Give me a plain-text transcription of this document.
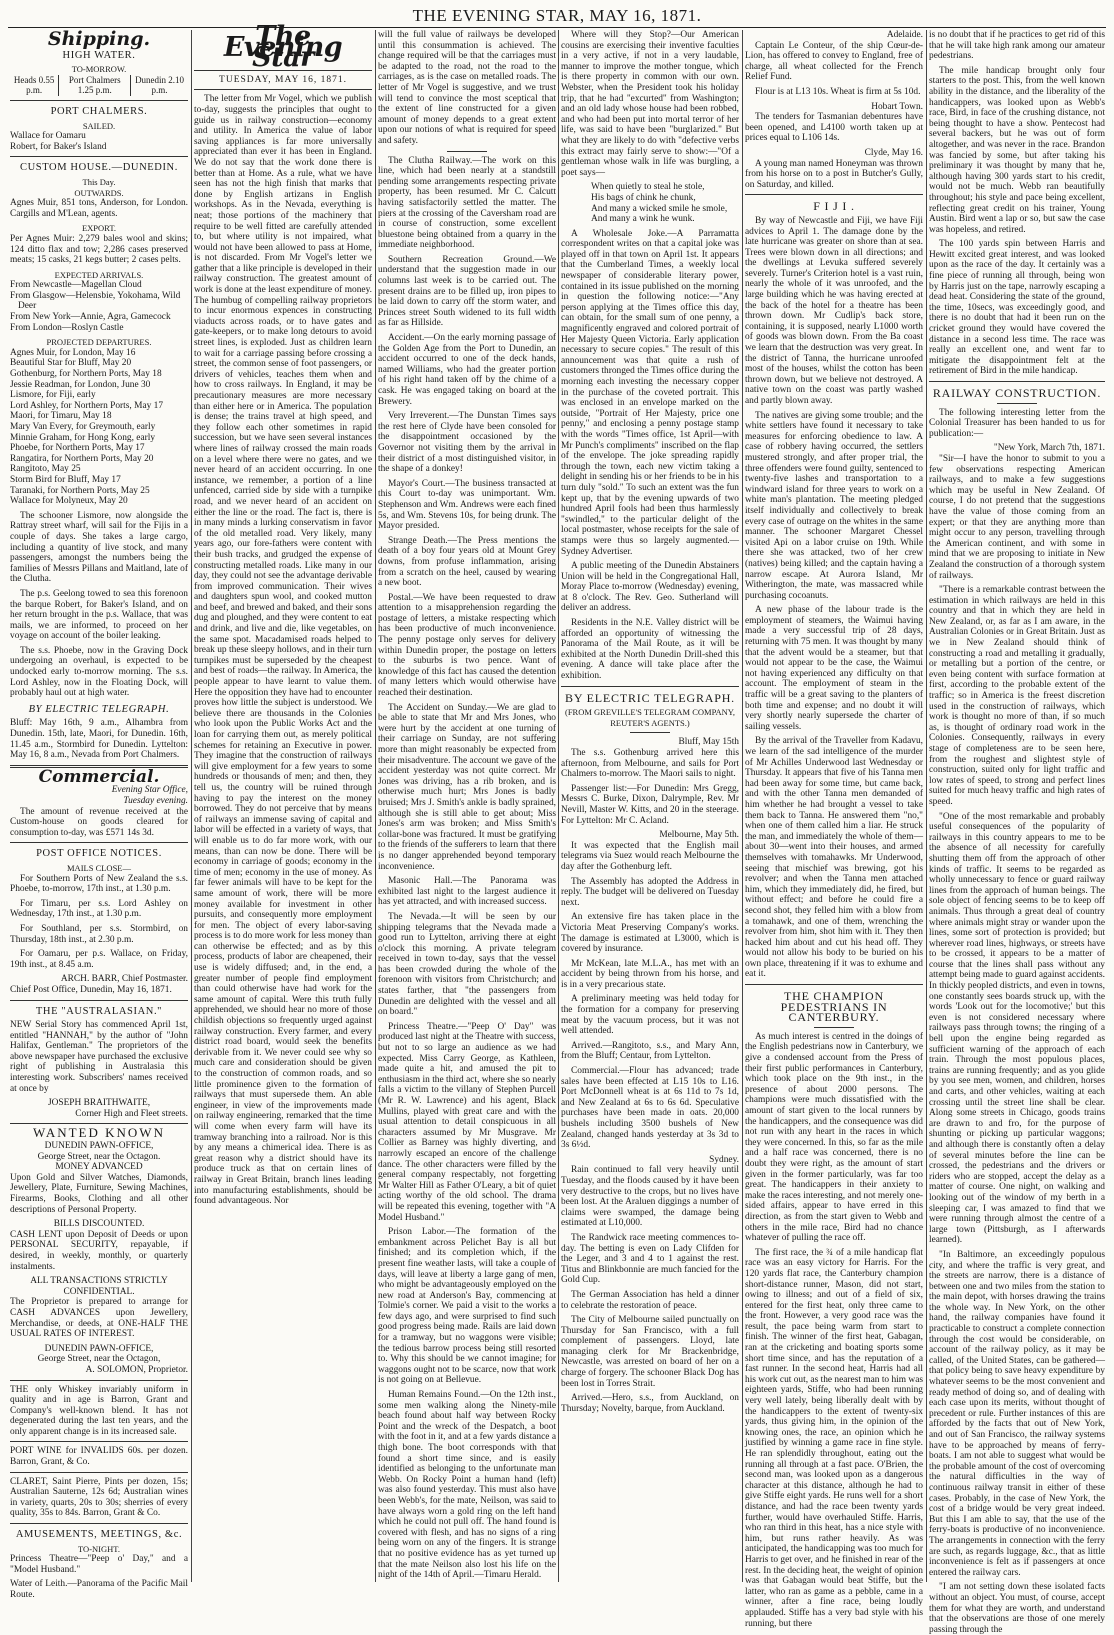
THE EVENING STAR, MAY 16, 1871.
Shipping.
HIGH WATER.
TO-MORROW.
Heads 0.55 p.m.	Port Chalmers 1.25 p.m.	Dunedin 2.10 p.m.
PORT CHALMERS.
SAILED.

Wallace for Oamaru

Robert, for Baker's Island

CUSTOM HOUSE.—DUNEDIN.
This Day.
OUTWARDS.

Agnes Muir, 851 tons, Anderson, for London. Cargills and M'Lean, agents.

EXPORT.

Per Agnes Muir: 2,279 bales wool and skins; 124 ditto flax and tow; 2,286 cases preserved meats; 15 casks, 21 kegs butter; 2 cases pelts.

EXPECTED ARRIVALS.

From Newcastle—Magellan Cloud

From Glasgow—Helensbie, Yokohama, Wild Deer

From New York—Annie, Agra, Gamecock

From London—Roslyn Castle

PROJECTED DEPARTURES.

Agnes Muir, for London, May 16

Beautiful Star for Bluff, May 20

Gothenburg, for Northern Ports, May 18

Jessie Readman, for London, June 30

Lismore, for Fiji, early

Lord Ashley, for Northern Ports, May 17

Maori, for Timaru, May 18

Mary Van Every, for Greymouth, early

Minnie Graham, for Hong Kong, early

Phoebe, for Northern Ports, May 17

Rangatira, for Northern Ports, May 20

Rangitoto, May 25

Storm Bird for Bluff, May 17

Taranaki, for Northern Ports, May 25

Wallace for Molyneux, May 20

The schooner Lismore, now alongside the Rattray street wharf, will sail for the Fijis in a couple of days. She takes a large cargo, including a quantity of live stock, and many passengers, amongst the numbers being the families of Messrs Pillans and Maitland, late of the Clutha.

The p.s. Geelong towed to sea this forenoon the barque Robert, for Baker's Island, and on her return brought in the p.s. Wallace, that was mails, we are informed, to proceed on her voyage on account of the boiler leaking.

The s.s. Phoebe, now in the Graving Dock undergoing an overhaul, is expected to be undocked early to-morrow morning. The s.s. Lord Ashley, now in the Floating Dock, will probably haul out at high water.

BY ELECTRIC TELEGRAPH.

Bluff: May 16th, 9 a.m., Alhambra from Dunedin. 15th, late, Maori, for Dunedin. 16th, 11.45 a.m., Stormbird for Dunedin. Lyttelton: May 16, 8 a.m., Nevada from Port Chalmers.

Commercial.
Evening Star Office,
Tuesday evening.

The amount of revenue received at the Custom-house on goods cleared for consumption to-day, was £571 14s 3d.

POST OFFICE NOTICES.
MAILS CLOSE—

For Southern Ports of New Zealand the s.s. Phoebe, to-morrow, 17th inst., at 1.30 p.m.

For Timaru, per s.s. Lord Ashley on Wednesday, 17th inst., at 1.30 p.m.

For Southland, per s.s. Stormbird, on Thursday, 18th inst., at 2.30 p.m.

For Oamaru, per p.s. Wallace, on Friday, 19th inst., at 8.45 a.m.

ARCH. BARR, Chief Postmaster.
Chief Post Office, Dunedin, May 16, 1871.
THE "AUSTRALASIAN."

NEW Serial Story has commenced April 1st, entitled "HANNAH," by the author of "John Halifax, Gentleman." The proprietors of the above newspaper have purchased the exclusive right of publishing in Australasia this interesting work. Subscribers' names received at once by

JOSEPH BRAITHWAITE,
Corner High and Fleet streets.
WANTED KNOWN
DUNEDIN PAWN-OFFICE,
George Street, near the Octagon.
MONEY ADVANCED

Upon Gold and Silver Watches, Diamonds, Jewellery, Plate, Furniture, Sewing Machines, Firearms, Books, Clothing and all other descriptions of Personal Property.

BILLS DISCOUNTED.

CASH LENT upon Deposit of Deeds or upon PERSONAL SECURITY, repayable, if desired, in weekly, monthly, or quarterly instalments.

ALL TRANSACTIONS STRICTLY CONFIDENTIAL.

The Proprietor is prepared to arrange for CASH ADVANCES upon Jewellery, Merchandise, or deeds, at ONE-HALF THE USUAL RATES OF INTEREST.

DUNEDIN PAWN-OFFICE,
George Street, near the Octagon,
A. SOLOMON, Proprietor.

THE only Whiskey invariably uniform in quality and in age is Barron, Grant and Company's well-known blend. It has not degenerated during the last ten years, and the only apparent change is in its increased sale.

PORT WINE for INVALIDS 60s. per dozen. Barron, Grant, & Co.

CLARET, Saint Pierre, Pints per dozen, 15s; Australian Sauterne, 12s 6d; Australian wines in variety, quarts, 20s to 30s; sherries of every quality, 35s to 84s. Barron, Grant & Co.

AMUSEMENTS, MEETINGS, &c.
TO-NIGHT.

Princess Theatre—"Peep o' Day," and a "Model Husband."

Water of Leith.—Panorama of the Pacific Mail Route.

The Evening Star
TUESDAY, MAY 16, 1871.

The letter from Mr Vogel, which we publish to-day, suggests the principles that ought to guide us in railway construction—economy and utility. In America the value of labor saving appliances is far more universally appreciated than ever it has been in England. We do not say that the work done there is better than at Home. As a rule, what we have seen has not the high finish that marks that done by English artizans in English workshops. As in the Nevada, everything is neat; those portions of the machinery that require to be well fitted are carefully attended to, but where utility is not impaired, what would not have been allowed to pass at Home, is not discarded. From Mr Vogel's letter we gather that a like principle is developed in their railway construction. The greatest amount of work is done at the least expenditure of money. The humbug of compelling railway proprietors to incur enormous expences in constructing viaducts across roads, or to have gates and gate-keepers, or to make long detours to avoid street lines, is exploded. Just as children learn to wait for a carriage passing before crossing a street, the common sense of foot passengers, or drivers of vehicles, teaches them when and how to cross railways. In England, it may be precautionary measures are more necessary than either here or in America. The population is dense; the trains travel at high speed, and they follow each other sometimes in rapid succession, but we have seen several instances where lines of railway crossed the main roads on a level where there were no gates, and we never heard of an accident occurring. In one instance, we remember, a portion of a line unfenced, carried side by side with a turnpike road, and we never heard of an accident on either the line or the road. The fact is, there is in many minds a lurking conservatism in favor of the old metalled road. Very likely, many years ago, our fore-fathers were content with their bush tracks, and grudged the expense of constructing metalled roads. Like many in our day, they could not see the advantage derivable from improved communication. Their wives and daughters spun wool, and cooked mutton and beef, and brewed and baked, and their sons dug and ploughed, and they were content to eat and drink, and live and die, like vegetables, on the same spot. Macadamised roads helped to break up these sleepy hollows, and in their turn turnpikes must be superseded by the cheapest and best of roads—the railway. In America, the people appear to have learnt to value them. Here the opposition they have had to encounter proves how little the subject is understood. We believe there are thousands in the Colonies who look upon the Public Works Act and the loan for carrying them out, as merely political schemes for retaining an Executive in power. They imagine that the construction of railways will give employment for a few years to some hundreds or thousands of men; and then, they tell us, the country will be ruined through having to pay the interest on the money borrowed. They do not perceive that by means of railways an immense saving of capital and labor will be effected in a variety of ways, that will enable us to do far more work, with our means, than can now be done. There will be economy in carriage of goods; economy in the time of men; economy in the use of money. As far fewer animals will have to be kept for the same amount of work, there will be more money available for investment in other pursuits, and consequently more employment for men. The object of every labor-saving process is to do more work for less money than can otherwise be effected; and as by this process, products of labor are cheapened, their use is widely diffused; and, in the end, a greater number of people find employment than could otherwise have had work for the same amount of capital. Were this truth fully apprehended, we should hear no more of those childish objections so frequently urged against railway construction. Every farmer, and every district road board, would seek the benefits derivable from it. We never could see why so much care and consideration should be given to the construction of common roads, and so little prominence given to the formation of railways that must supersede them. An able engineer, in view of the improvements made on railway engineering, remarked that the time will come when every farm will have its tramway branching into a railroad. Nor is this by any means a chimerical idea. There is as great reason why a district should have its produce truck as that on certain lines of railway in Great Britain, branch lines leading into manufacturing establishments, should be found advantageous. Nor

will the full value of railways be developed until this consummation is achieved. The change required will be that the carriages must be adapted to the road, not the road to the carriages, as is the case on metalled roads. The letter of Mr Vogel is suggestive, and we trust will tend to convince the most sceptical that the extent of line constructed for a given amount of money depends to a great extent upon our notions of what is required for speed and safety.

The Clutha Railway.—The work on this line, which had been nearly at a standstill pending some arrangements respecting private property, has been resumed. Mr C. Calcutt having satisfactorily settled the matter. The piers at the crossing of the Caversham road are in course of construction, some excellent bluestone being obtained from a quarry in the immediate neighborhood.

Southern Recreation Ground.—We understand that the suggestion made in our columns last week is to be carried out. The present drains are to be filled up, iron pipes to be laid down to carry off the storm water, and Princes street South widened to its full width as far as Hillside.

Accident.—On the early morning passage of the Golden Age from the Port to Dunedin, an accident occurred to one of the deck hands, named Williams, who had the greater portion of his right hand taken off by the chime of a cask. He was engaged taking on board at the Brewery.

Very Irreverent.—The Dunstan Times says the rest here of Clyde have been consoled for the disappointment occasioned by the Governor not visiting them by the arrival in their district of a most distinguished visitor, in the shape of a donkey!

Mayor's Court.—The business transacted at this Court to-day was unimportant. Wm. Stephenson and Wm. Andrews were each fined 5s, and Wm. Stevens 10s, for being drunk. The Mayor presided.

Strange Death.—The Press mentions the death of a boy four years old at Mount Grey downs, from profuse inflammation, arising from a scratch on the heel, caused by wearing a new boot.

Postal.—We have been requested to draw attention to a misapprehension regarding the postage of letters, a mistake respecting which has been productive of much inconvenience. The penny postage only serves for delivery within Dunedin proper, the postage on letters to the suburbs is two pence. Want of knowledge of this fact has caused the detention of many letters which would otherwise have reached their destination.

The Accident on Sunday.—We are glad to be able to state that Mr and Mrs Jones, who were hurt by the accident at one turning of their carriage on Sunday, are not suffering more than might reasonably be expected from their misadventure. The account we gave of the accident yesterday was not quite correct. Mr Jones was driving, has a rib broken, and is otherwise much hurt; Mrs Jones is badly bruised; Mrs J. Smith's ankle is badly sprained, although she is still able to get about; Miss Jones's arm was broken; and Miss Smith's collar-bone was fractured. It must be gratifying to the friends of the sufferers to learn that there is no danger apprehended beyond temporary inconvenience.

Masonic Hall.—The Panorama was exhibited last night to the largest audience it has yet attracted, and with increased success.

The Nevada.—It will be seen by our shipping telegrams that the Nevada made a good run to Lyttelton, arriving there at eight o'clock this morning. A private telegram received in town to-day, says that the vessel has been crowded during the whole of the forenoon with visitors from Christchurch; and states farther, that "the passengers from Dunedin are delighted with the vessel and all on board."

Princess Theatre.—"Peep O' Day" was produced last night at the Theatre with success, but not to so large an audience as we had expected. Miss Carry George, as Kathleen, made quite a hit, and amused the pit to enthusiasm in the third act, where she so nearly falls a victim to the villany of Stephen Purcell (Mr R. W. Lawrence) and his agent, Black Mullins, played with great care and with the usual attention to detail conspicuous in all characters assumed by Mr Musgrave. Mr Collier as Barney was highly diverting, and narrowly escaped an encore of the challenge dance. The other characters were filled by the general company respectably, not forgetting Mr Walter Hill as Father O'Leary, a bit of quiet acting worthy of the old school. The drama will be repeated this evening, together with "A Model Husband."

Prison Labor.—The formation of the embankment across Pelichet Bay is all but finished; and its completion which, if the present fine weather lasts, will take a couple of days, will leave at liberty a large gang of men, who might be advantageously employed on the new road at Anderson's Bay, commencing at Tolmie's corner. We paid a visit to the works a few days ago, and were surprised to find such good progress being made. Rails are laid down for a tramway, but no waggons were visible; the tedious barrow process being still resorted to. Why this should be we cannot imagine; for waggons ought not to be scarce, now that work is not going on at Bellevue.

Human Remains Found.—On the 12th inst., some men walking along the Ninety-mile beach found about half way between Rocky Point and the wreck of the Despatch, a boot with the foot in it, and at a few yards distance a thigh bone. The boot corresponds with that found a short time since, and is easily identified as belonging to the unfortunate man Webb. On Rocky Point a human hand (left) was also found yesterday. This must also have been Webb's, for the mate, Neilson, was said to have always worn a gold ring on the left hand which he could not pull off. The hand found is covered with flesh, and has no signs of a ring being worn on any of the fingers. It is strange that no positive evidence has as yet turned up that the mate Neilson also lost his life on the night of the 14th of April.—Timaru Herald.

Where will they Stop?—Our American cousins are exercising their inventive faculties in a very active, if not in a very laudable, manner to improve the mother tongue, which is there property in common with our own. Webster, when the President took his holiday trip, that he had "excurted" from Washington; and an old lady whose house had been robbed, and who had been put into mortal terror of her life, was said to have been "burglarized." But what they are likely to do with "defective verbs this extract may fairly serve to show:—"Of a gentleman whose walk in life was burgling, a poet says—

When quietly to steal he stole,
His bags of chink he chunk,
And many a wicked smile he smole,
And many a wink he wunk.

A Wholesale Joke.—A Parramatta correspondent writes on that a capital joke was played off in that town on April 1st. It appears that the Cumberland Times, a weekly local newspaper of considerable literary power, contained in its issue published on the morning in question the following notice:—"Any person applying at the Times office this day, can obtain, for the small sum of one penny, a magnificently engraved and colored portrait of Her Majesty Queen Victoria. Early application necessary to secure copies." The result of this announcement was that quite a rush of customers thronged the Times office during the morning each investing the necessary copper in the purchase of the coveted portrait. This was enclosed in an envelope marked on the outside, "Portrait of Her Majesty, price one penny," and enclosing a penny postage stamp with the words "Times office, 1st April—with Mr Punch's compliments" inscribed on the flap of the envelope. The joke spreading rapidly through the town, each new victim taking a delight in sending his or her friends to be in his turn duly "sold." To such an extent was the fun kept up, that by the evening upwards of two hundred April fools had been thus harmlessly "swindled," to the particular delight of the local postmaster, whose receipts for the sale of stamps were thus so largely augmented.—Sydney Advertiser.

A public meeting of the Dunedin Abstainers Union will be held in the Congregational Hall, Moray Place to-morrow (Wednesday) evening, at 8 o'clock. The Rev. Geo. Sutherland will deliver an address.

Residents in the N.E. Valley district will be afforded an opportunity of witnessing the Panorama of the Mail Route, as it will be exhibited at the North Dunedin Drill-shed this evening. A dance will take place after the exhibition.

BY ELECTRIC TELEGRAPH.
(FROM GREVILLE'S TELEGRAM COMPANY, REUTER'S AGENTS.)
Bluff, May 15th

The s.s. Gothenburg arrived here this afternoon, from Melbourne, and sails for Port Chalmers to-morrow. The Maori sails to night.

Passenger list:—For Dunedin: Mrs Gregg, Messrs C. Burke, Dixon, Dalrymple, Rev. Mr Nevill, Master W. Kitts, and 20 in the steerage. For Lyttelton: Mr C. Acland.

Melbourne, May 5th.

It was expected that the English mail telegrams via Suez would reach Melbourne the day after the Gothenburg left.

The Assembly has adopted the Address in reply. The budget will be delivered on Tuesday next.

An extensive fire has taken place in the Victoria Meat Preserving Company's works. The damage is estimated at L3000, which is covered by insurance.

Mr McKean, late M.L.A., has met with an accident by being thrown from his horse, and is in a very precarious state.

A preliminary meeting was held today for the formation for a company for preserving meat by the vacuum process, but it was not well attended.

Arrived.—Rangitoto, s.s., and Mary Ann, from the Bluff; Centaur, from Lyttelton.

Commercial.—Flour has advanced; trade sales have been effected at L15 10s to L16. Port McDonnell wheat is at 6s 11d to 7s 1d, and New Zealand at 6s to 6s 6d. Speculative purchases have been made in oats. 20,000 bushels including 3500 bushels of New Zealand, changed hands yesterday at 3s 3d to 3s 6½d.

Sydney.

Rain continued to fall very heavily until Tuesday, and the floods caused by it have been very destructive to the crops, but no lives have been lost. At the Araluen diggings a number of claims were swamped, the damage being estimated at L10,000.

The Randwick race meeting commences to-day. The betting is even on Lady Clifden for the Leger, and 3 and 4 to 1 against the rest. Titus and Blinkbonnie are much fancied for the Gold Cup.

The German Association has held a dinner to celebrate the restoration of peace.

The City of Melbourne sailed punctually on Thursday for San Francisco, with a full complement of passengers. Lloyd, late managing clerk for Mr Brackenbridge, Newcastle, was arrested on board of her on a charge of forgery. The schooner Black Dog has been lost in Torres Strait.

Arrived.—Hero, s.s., from Auckland, on Thursday; Novelty, barque, from Auckland.

Adelaide.

Captain Le Conteur, of the ship Cœur-de-Lion, has offered to convey to England, free of charge, all wheat collected for the French Relief Fund.

Flour is at L13 10s. Wheat is firm at 5s 10d.

Hobart Town.

The tenders for Tasmanian debentures have been opened, and L4100 worth taken up at prices equal to L106 14s.

Clyde, May 16.

A young man named Honeyman was thrown from his horse on to a post in Butcher's Gully, on Saturday, and killed.

F I J I .

By way of Newcastle and Fiji, we have Fiji advices to April 1. The damage done by the late hurricane was greater on shore than at sea. Trees were blown down in all directions; and the dwellings at Levuka suffered severely severely. Turner's Criterion hotel is a vast ruin, nearly the whole of it was unroofed, and the large building which he was having erected at the back of the hotel for a theatre has been thrown down. Mr Cudlip's back store, containing, it is supposed, nearly L1000 worth of goods was blown down. From the Ba coast we learn that the destruction was very great. In the district of Tanna, the hurricane unroofed most of the houses, whilst the cotton has been thrown down, but we believe not destroyed. A native town on the coast was partly washed and partly blown away.

The natives are giving some trouble; and the white settlers have found it necessary to take measures for enforcing obedience to law. A case of robbery having occurred, the settlers mustered strongly, and after proper trial, the three offenders were found guilty, sentenced to twenty-five lashes and transportation to a windward island for three years to work on a white man's plantation. The meeting pledged itself individually and collectively to break every case of outrage on the whites in the same manner. The schooner Margaret Chessel visited Api on a labor cruise on 19th. While there she was attacked, two of her crew (natives) being killed; and the captain having a narrow escape. At Aurora Island, Mr Witherington, the mate, was massacred while purchasing cocoanuts.

A new phase of the labour trade is the employment of steamers, the Waimui having made a very successful trip of 28 days, returning with 75 men. It was thought by many that the advent would be a steamer, but that would not appear to be the case, the Waimui not having experienced any difficulty on that account. The employment of steam in the traffic will be a great saving to the planters of both time and expense; and no doubt it will very shortly nearly supersede the charter of sailing vessels.

By the arrival of the Traveller from Kadavu, we learn of the sad intelligence of the murder of Mr Achilles Underwood last Wednesday or Thursday. It appears that five of his Tanna men had been away for some time, but came back, and with the other Tanna men demanded of him whether he had brought a vessel to take them back to Tanna. He answered them "no," when one of them called him a liar. He struck the man, and immediately the whole of them—about 30—went into their houses, and armed themselves with tomahawks. Mr Underwood, seeing that mischief was brewing, got his revolver; and when the Tanna men attached him, which they immediately did, he fired, but without effect; and before he could fire a second shot, they felled him with a blow from a tomahawk, and one of them, wrenching the revolver from him, shot him with it. They then hacked him about and cut his head off. They would not allow his body to be buried on his own place, threatening if it was to exhume and eat it.

THE CHAMPION PEDESTRIANS IN CANTERBURY.

As much interest is centred in the doings of the English pedestrians now in Canterbury, we give a condensed account from the Press of their first public performances in Canterbury, which took place on the 9th inst., in the presence of about 2000 persons. The champions were much dissatisfied with the amount of start given to the local runners by the handicappers, and the consequence was did not run with any heart in the races in which they were concerned. In this, so far as the mile and a half race was concerned, there is no doubt they were right, as the amount of start given in the former particularly, was far too great. The handicappers in their anxiety to make the races interesting, and not merely one-sided affairs, appear to have erred in this direction, as from the start given to Webb and others in the mile race, Bird had no chance whatever of pulling the race off.

The first race, the ¾ of a mile handicap flat race was an easy victory for Harris. For the 120 yards flat race, the Canterbury champion short-distance runner, Mason, did not start, owing to illness; and out of a field of six, entered for the first heat, only three came to the front. However, a very good race was the result, the pace being warm from start to finish. The winner of the first heat, Gabagan, ran at the cricketing and boating sports some short time since, and has the reputation of a fast runner. In the second heat, Harris had all his work cut out, as the nearest man to him was eighteen yards, Stiffe, who had been running very well lately, being liberally dealt with by the handicappers to the extent of twenty-six yards, thus giving him, in the opinion of the knowing ones, the race, an opinion which he justified by winning a game race in fine style. He ran splendidly throughout, eating out the running all through at a fast pace. O'Brien, the second man, was looked upon as a dangerous character at this distance, although he had to give Stiffe eight yards. He runs well for a short distance, and had the race been twenty yards further, would have overhauled Stiffe. Harris, who ran third in this heat, has a nice style with him, but runs rather heavily. As was anticipated, the handicapping was too much for Harris to get over, and he finished in rear of the rest. In the deciding heat, the weight of opinion was that Gabagan would beat Stiffe, but the latter, who ran as game as a pebble, came in a winner, after a fine race, being loudly applauded. Stiffe has a very bad style with his running, but there

is no doubt that if he practices to get rid of this that he will take high rank among our amateur pedestrians.

The mile handicap brought only four starters to the post. This, from the well known ability in the distance, and the liberality of the handicappers, was looked upon as Webb's race, Bird, in face of the crushing distance, not being thought to have a show. Pentecost had several backers, but he was out of form altogether, and was never in the race. Brandon was fancied by some, but after taking his preliminary it was thought by many that he, although having 300 yards start to his credit, would not be much. Webb ran beautifully throughout; his style and pace being excellent, reflecting great credit on his trainer, Young Austin. Bird went a lap or so, but saw the case was hopeless, and retired.

The 100 yards spin between Harris and Hewitt excited great interest, and was looked upon as the race of the day. It certainly was a fine piece of running all through, being won by Harris just on the tape, narrowly escaping a dead heat. Considering the state of the ground, the time, 10secs, was exceedingly good, and there is no doubt that had it been run on the cricket ground they would have covered the distance in a second less time. The race was really an excellent one, and went far to mitigate the disappointment felt at the retirement of Bird in the mile handicap.

RAILWAY CONSTRUCTION.

The following interesting letter from the Colonial Treasurer has been handed to us for publication:—

"New York, March 7th, 1871.

"Sir—I have the honor to submit to you a few observations respecting American railways, and to make a few suggestions which may be useful in New Zealand. Of course, I do not pretend that the suggestions have the value of those coming from an expert; or that they are anything more than might occur to any person, travelling through the American continent, and with some in mind that we are proposing to initiate in New Zealand the construction of a thorough system of railways.

"There is a remarkable contrast between the estimation in which railways are held in this country and that in which they are held in New Zealand, or, as far as I am aware, in the Australian Colonies or in Great Britain. Just as we in New Zealand should think of constructing a road and metalling it gradually, or metalling but a portion of the centre, or even being content with surface formation at first, according to the probable extent of the traffic; so in America is the freest discretion used in the construction of railways, which work is thought no more of than, if so much as, is thought of ordinary road work in the Colonies. Consequently, railways in every stage of completeness are to be seen here, from the roughest and slightest style of construction, suited only for light traffic and low rates of speed, to strong and perfect lines suited for much heavy traffic and high rates of speed.

"One of the most remarkable and probably useful consequences of the popularity of railways in this country appears to me to be the absence of all necessity for carefully shutting them off from the approach of other kinds of traffic. It seems to be regarded as wholly unnecessary to fence or guard railway lines from the approach of human beings. The sole object of fencing seems to be to keep off animals. Thus through a great deal of country where animals might stray or wander upon the lines, some sort of protection is provided; but wherever road lines, highways, or streets have to be crossed, it appears to be a matter of course that the lines shall pass without any attempt being made to guard against accidents. In thickly peopled districts, and even in towns, one constantly sees boards struck up, with the words 'Look out for the locomotive;' but this even is not considered necessary where railways pass through towns; the ringing of a bell upon the engine being regarded as sufficient warning of the approach of each train. Through the most populous places, trains are running frequently; and as you glide by you see men, women, and children, horses and carts, and other vehicles, waiting at each crossing until the street line shall be clear. Along some streets in Chicago, goods trains are drawn to and fro, for the purpose of shunting or picking up particular waggons; and although there is constantly often a delay of several minutes before the line can be crossed, the pedestrians and the drivers or riders who are stopped, accept the delay as a matter of course. One night, on walking and looking out of the window of my berth in a sleeping car, I was amazed to find that we were running through almost the centre of a large town (Pittsburgh, as I afterwards learned).

"In Baltimore, an exceedingly populous city, and where the traffic is very great, and the streets are narrow, there is a distance of between one and two miles from the station to the main depot, with horses drawing the trains the whole way. In New York, on the other hand, the railway companies have found it practicable to construct a complete connection through the cost would be considerable, on account of the railway policy, as it may be called, of the United States, can be gathered—that policy being to save heavy expenditure by whatever seems to be the most convenient and ready method of doing so, and of dealing with each case upon its merits, without thought of precedent or rule. Further instances of this are afforded by the facts that out of New York, and out of San Francisco, the railway systems have to be approached by means of ferry-boats. I am not able to suggest what would be the probable amount of the cost of overcoming the natural difficulties in the way of continuous railway transit in either of these cases. Probably, in the case of New York, the cost of a bridge would be very great indeed. But this I am able to say, that the use of the ferry-boats is productive of no inconvenience. The arrangements in connection with the ferry are such, as regards luggage, &c., that as little inconvenience is felt as if passengers at once entered the railway cars.

"I am not setting down these isolated facts without an object. You must, of course, accept them for what they are worth, and understand that the observations are those of one merely passing through the
